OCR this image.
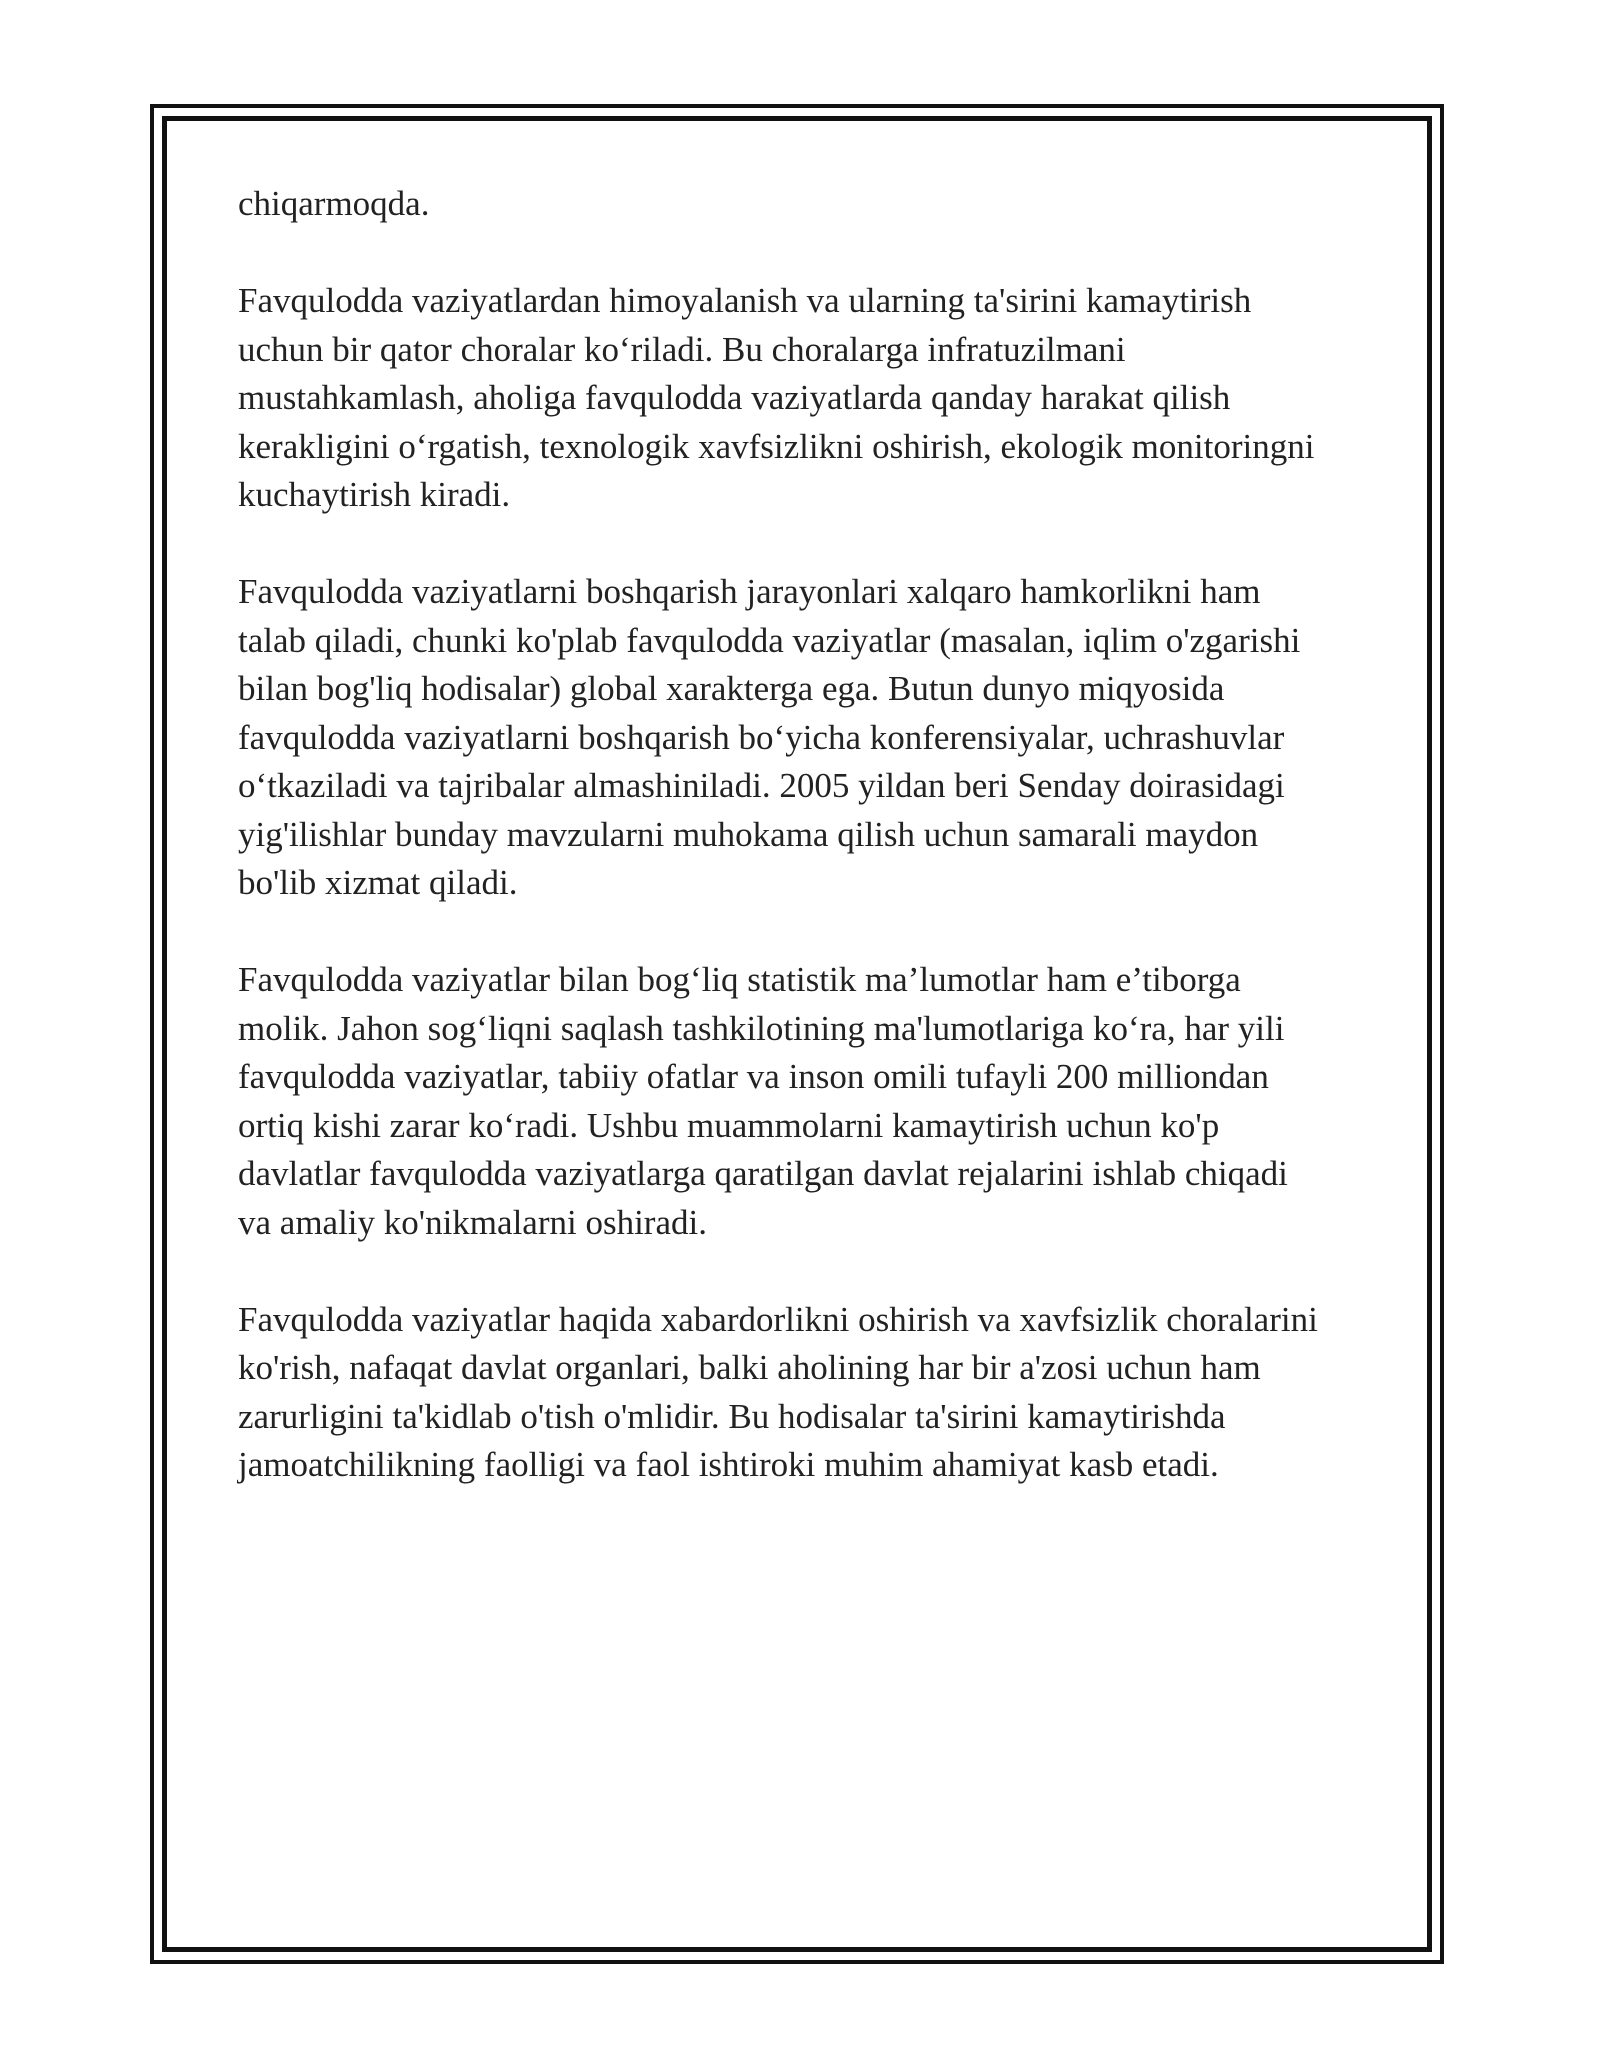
chiqarmoqda.

Favqulodda vaziyatlardan himoyalanish va ularning ta'sirini kamaytirish
uchun bir qator choralar ko‘riladi. Bu choralarga infratuzilmani
mustahkamlash, aholiga favqulodda vaziyatlarda qanday harakat qilish
kerakligini o‘rgatish, texnologik xavfsizlikni oshirish, ekologik monitoringni
kuchaytirish kiradi.

Favqulodda vaziyatlarni boshqarish jarayonlari xalqaro hamkorlikni ham
talab qiladi, chunki ko'plab favqulodda vaziyatlar (masalan, iqlim o'zgarishi
bilan bog'liq hodisalar) global xarakterga ega. Butun dunyo miqyosida
favqulodda vaziyatlarni boshqarish bo‘yicha konferensiyalar, uchrashuvlar
o‘tkaziladi va tajribalar almashiniladi. 2005 yildan beri Senday doirasidagi
yig'ilishlar bunday mavzularni muhokama qilish uchun samarali maydon
bo'lib xizmat qiladi.

Favqulodda vaziyatlar bilan bog‘liq statistik ma’lumotlar ham e’tiborga
molik. Jahon sog‘liqni saqlash tashkilotining ma'lumotlariga ko‘ra, har yili
favqulodda vaziyatlar, tabiiy ofatlar va inson omili tufayli 200 milliondan
ortiq kishi zarar ko‘radi. Ushbu muammolarni kamaytirish uchun ko'p
davlatlar favqulodda vaziyatlarga qaratilgan davlat rejalarini ishlab chiqadi
va amaliy ko'nikmalarni oshiradi.

Favqulodda vaziyatlar haqida xabardorlikni oshirish va xavfsizlik choralarini
ko'rish, nafaqat davlat organlari, balki aholining har bir a'zosi uchun ham
zarurligini ta'kidlab o'tish o'mlidir. Bu hodisalar ta'sirini kamaytirishda
jamoatchilikning faolligi va faol ishtiroki muhim ahamiyat kasb etadi.
